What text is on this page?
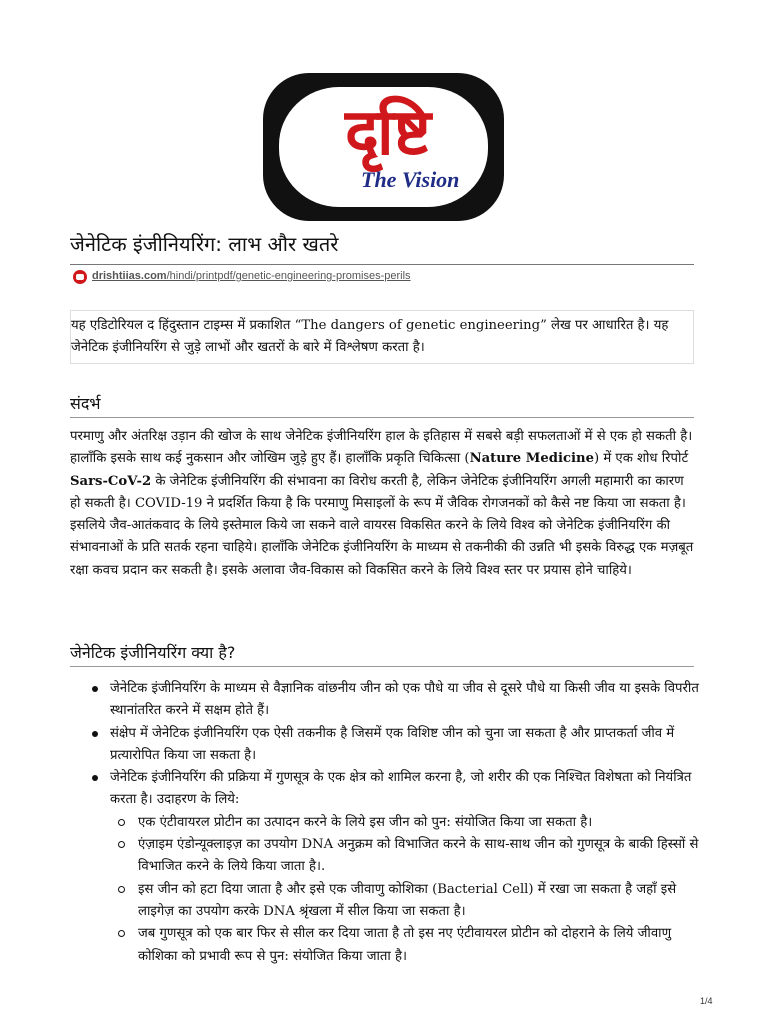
दृष्टि
The Vision
जेनेटिक इंजीनियरिंग: लाभ और खतरे
drishtiias.com/hindi/printpdf/genetic-engineering-promises-perils

यह एडिटोरियल द हिंदुस्तान टाइम्स में प्रकाशित “The dangers of genetic engineering” लेख पर आधारित है। यह जेनेटिक इंजीनियरिंग से जुड़े लाभों और खतरों के बारे में विश्लेषण करता है।

संदर्भ

परमाणु और अंतरिक्ष उड़ान की खोज के साथ जेनेटिक इंजीनियरिंग हाल के इतिहास में सबसे बड़ी सफलताओं में से एक हो सकती है। हालाँकि इसके साथ कई नुकसान और जोखिम जुड़े हुए हैं। हालाँकि प्रकृति चिकित्सा (Nature Medicine) में एक शोध रिपोर्ट Sars-CoV-2 के जेनेटिक इंजीनियरिंग की संभावना का विरोध करती है, लेकिन जेनेटिक इंजीनियरिंग अगली महामारी का कारण हो सकती है। COVID-19 ने प्रदर्शित किया है कि परमाणु मिसाइलों के रूप में जैविक रोगजनकों को कैसे नष्ट किया जा सकता है। इसलिये जैव-आतंकवाद के लिये इस्तेमाल किये जा सकने वाले वायरस विकसित करने के लिये विश्व को जेनेटिक इंजीनियरिंग की संभावनाओं के प्रति सतर्क रहना चाहिये। हालाँकि जेनेटिक इंजीनियरिंग के माध्यम से तकनीकी की उन्नति भी इसके विरुद्ध एक मज़बूत रक्षा कवच प्रदान कर सकती है। इसके अलावा जैव-विकास को विकसित करने के लिये विश्व स्तर पर प्रयास होने चाहिये।

जेनेटिक इंजीनियरिंग क्या है?
जेनेटिक इंजीनियरिंग के माध्यम से वैज्ञानिक वांछनीय जीन को एक पौधे या जीव से दूसरे पौधे या किसी जीव या इसके विपरीत स्थानांतरित करने में सक्षम होते हैं।
संक्षेप में जेनेटिक इंजीनियरिंग एक ऐसी तकनीक है जिसमें एक विशिष्ट जीन को चुना जा सकता है और प्राप्तकर्ता जीव में प्रत्यारोपित किया जा सकता है।
जेनेटिक इंजीनियरिंग की प्रक्रिया में गुणसूत्र के एक क्षेत्र को शामिल करना है, जो शरीर की एक निश्चित विशेषता को नियंत्रित करता है। उदाहरण के लिये:
एक एंटीवायरल प्रोटीन का उत्पादन करने के लिये इस जीन को पुन: संयोजित किया जा सकता है।
एंज़ाइम एंडोन्यूक्लाइज़ का उपयोग DNA अनुक्रम को विभाजित करने के साथ-साथ जीन को गुणसूत्र के बाकी हिस्सों से विभाजित करने के लिये किया जाता है।.
इस जीन को हटा दिया जाता है और इसे एक जीवाणु कोशिका (Bacterial Cell) में रखा जा सकता है जहाँ इसे लाइगेज़ का उपयोग करके DNA श्रृंखला में सील किया जा सकता है।
जब गुणसूत्र को एक बार फिर से सील कर दिया जाता है तो इस नए एंटीवायरल प्रोटीन को दोहराने के लिये जीवाणु कोशिका को प्रभावी रूप से पुन: संयोजित किया जाता है।
1/4
